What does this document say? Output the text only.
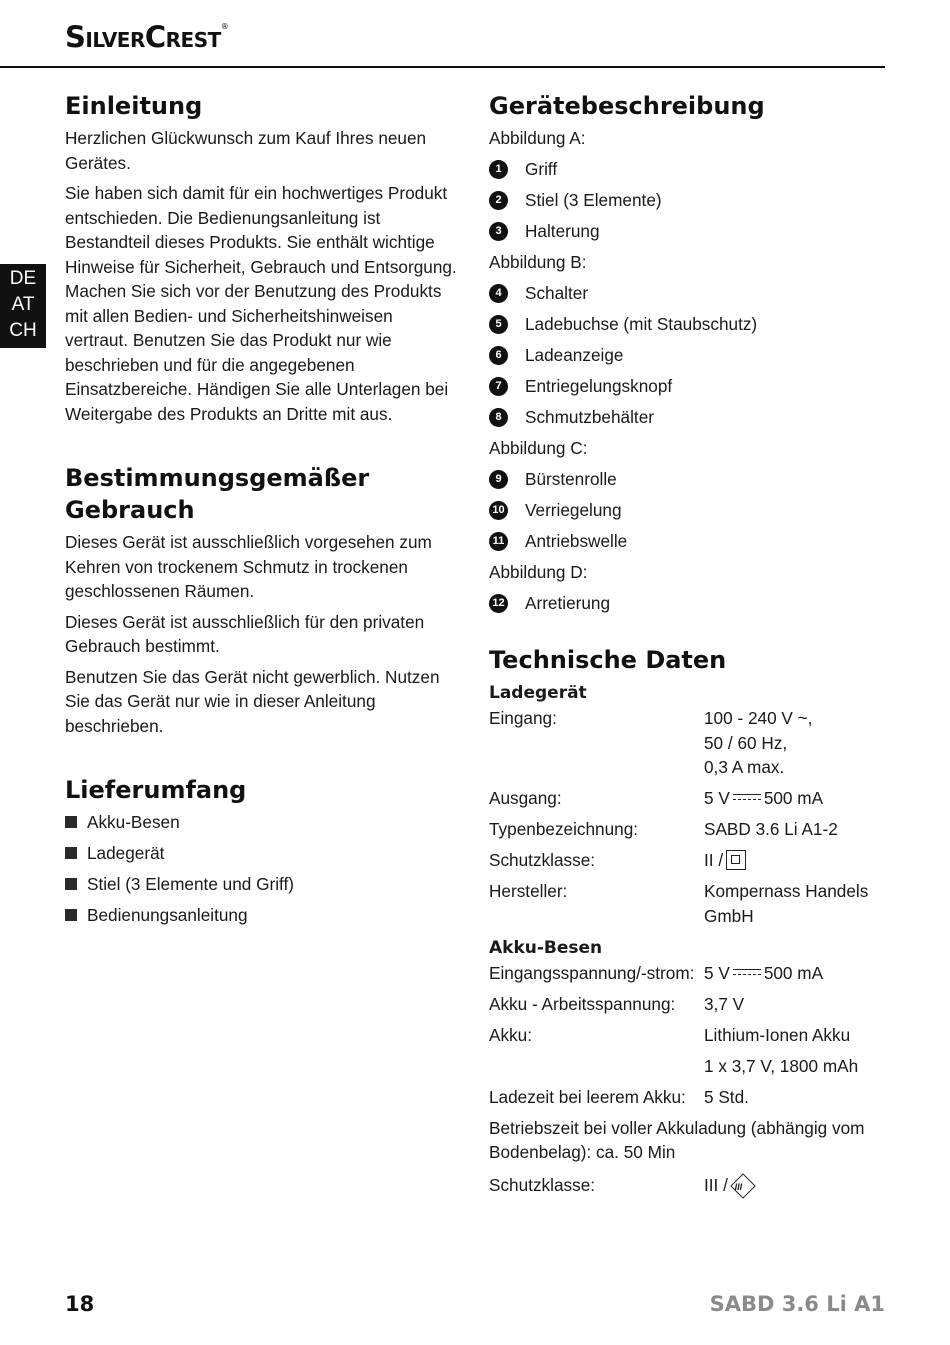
SilverCrest®
DE
AT
CH
Einleitung

Herzlichen Glückwunsch zum Kauf Ihres neuen Gerätes.

Sie haben sich damit für ein hochwertiges Produkt entschieden. Die Bedienungsanleitung ist Bestandteil dieses Produkts. Sie enthält wichtige Hinweise für Sicherheit, Gebrauch und Entsorgung. Machen Sie sich vor der Benutzung des Produkts mit allen Bedien- und Sicherheitshinweisen vertraut. Benutzen Sie das Produkt nur wie beschrieben und für die angegebenen Einsatzbereiche. Händigen Sie alle Unterlagen bei Weitergabe des Produkts an Dritte mit aus.

Bestimmungsgemäßer Gebrauch

Dieses Gerät ist ausschließlich vorgesehen zum Kehren von trockenem Schmutz in trockenen geschlossenen Räumen.

Dieses Gerät ist ausschließlich für den privaten Gebrauch bestimmt.

Benutzen Sie das Gerät nicht gewerblich. Nutzen Sie das Gerät nur wie in dieser Anleitung beschrieben.

Lieferumfang
Akku-Besen
Ladegerät
Stiel (3 Elemente und Griff)
Bedienungsanleitung
Gerätebeschreibung
Abbildung A:
1	Griff
2	Stiel (3 Elemente)
3	Halterung
Abbildung B:
4	Schalter
5	Ladebuchse (mit Staubschutz)
6	Ladeanzeige
7	Entriegelungsknopf
8	Schmutzbehälter
Abbildung C:
9	Bürstenrolle
10 Verriegelung
11 Antriebswelle
Abbildung D:
12 Arretierung
Technische Daten
Ladegerät
Eingang:	100 - 240 V ~,
50 / 60 Hz,
0,3 A max.
Ausgang:	5 V 500 mA
Typenbezeichnung:	SABD 3.6 Li A1-2
Schutzklasse:	II /
Hersteller:	Kompernass Handels
GmbH
Akku-Besen
Eingangsspannung/-strom: 5 V 500 mA
Akku - Arbeitsspannung:	3,7 V
Akku:	Lithium-Ionen Akku
1 x 3,7 V, 1800 mAh
Ladezeit bei leerem Akku:	5 Std.
Betriebszeit bei voller Akkuladung (abhängig vom Bodenbelag): ca. 50 Min
Schutzklasse:	III / III
18	SABD 3.6 Li A1
